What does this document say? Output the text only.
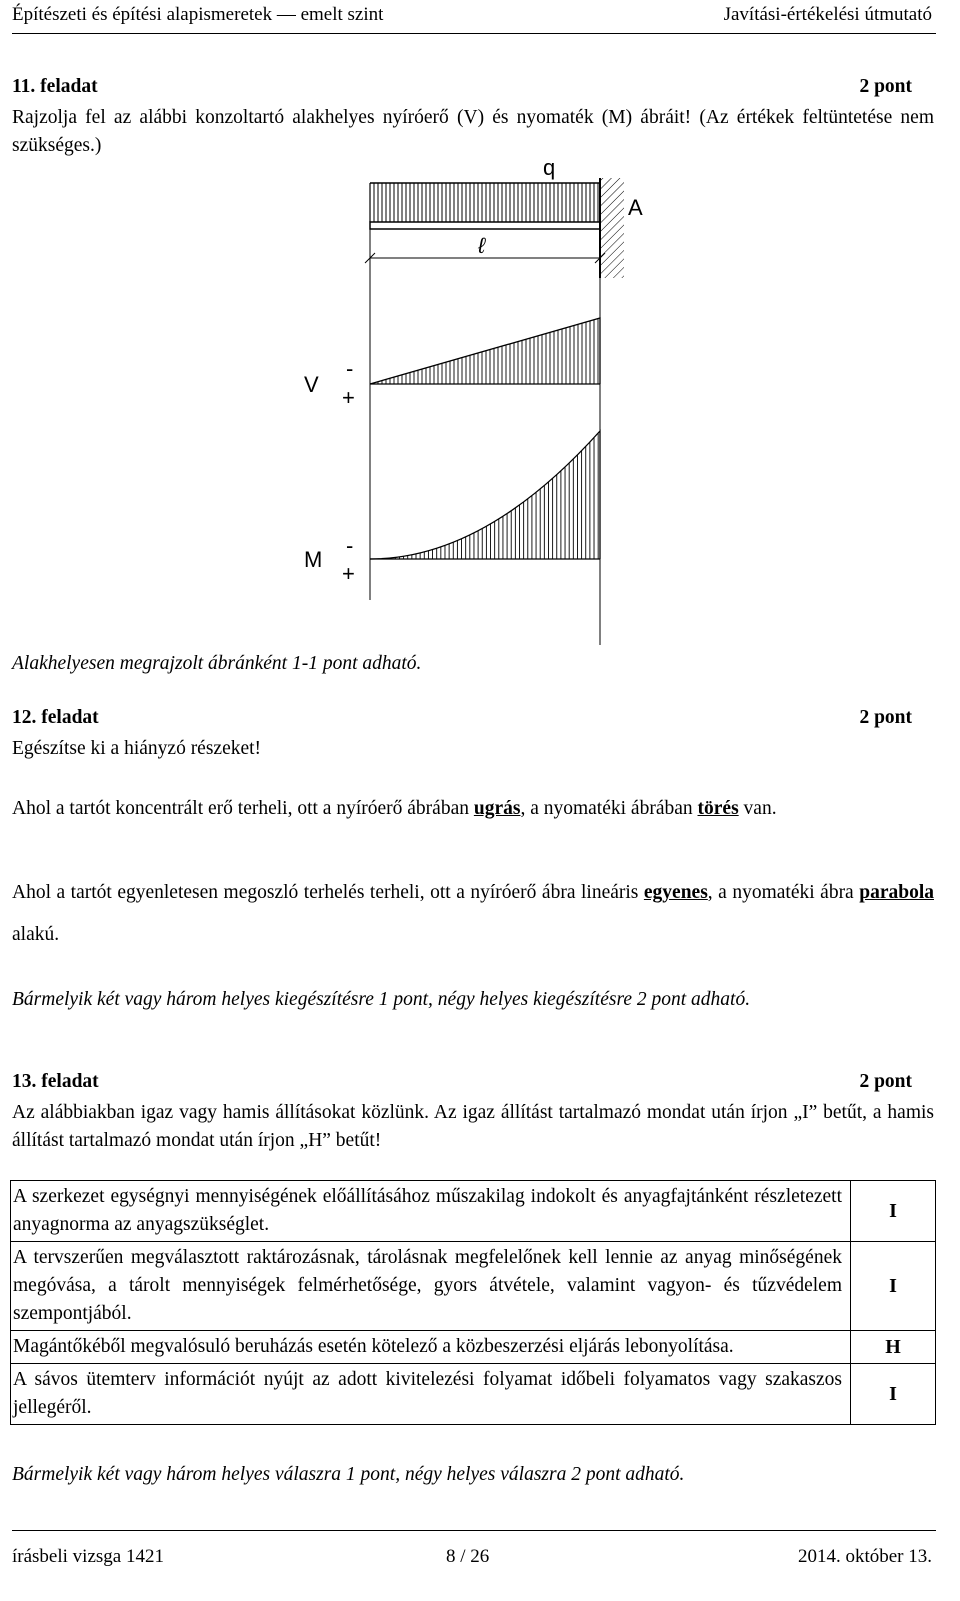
Építészeti és építési alapismeretek — emelt szint	Javítási-értékelési útmutató
11. feladat	2 pont
Rajzolja fel az alábbi konzoltartó alakhelyes nyíróerő (V) és nyomaték (M) ábráit! (Az értékek feltüntetése nem szükséges.)
q
A
ℓ
V
-
+
M
-
+
Alakhelyesen megrajzolt ábránként 1-1 pont adható.
12. feladat	2 pont
Egészítse ki a hiányzó részeket!
Ahol a tartót koncentrált erő terheli, ott a nyíróerő ábrában ugrás, a nyomatéki ábrában törés van.
Ahol a tartót egyenletesen megoszló terhelés terheli, ott a nyíróerő ábra lineáris egyenes, a nyomatéki ábra parabola alakú.
Bármelyik két vagy három helyes kiegészítésre 1 pont, négy helyes kiegészítésre 2 pont adható.
13. feladat	2 pont
Az alábbiakban igaz vagy hamis állításokat közlünk. Az igaz állítást tartalmazó mondat után írjon „I” betűt, a hamis állítást tartalmazó mondat után írjon „H” betűt!
A szerkezet egységnyi mennyiségének előállításához műszakilag indokolt és anyagfajtánként részletezett anyagnorma az anyagszükséglet.	I
A tervszerűen megválasztott raktározásnak, tárolásnak megfelelőnek kell lennie az anyag minőségének megóvása, a tárolt mennyiségek felmérhetősége, gyors átvétele, valamint vagyon- és tűzvédelem szempontjából.	I
Magántőkéből megvalósuló beruházás esetén kötelező a közbeszerzési eljárás lebonyolítása.	H
A sávos ütemterv információt nyújt az adott kivitelezési folyamat időbeli folyamatos vagy szakaszos jellegéről.	I
Bármelyik két vagy három helyes válaszra 1 pont, négy helyes válaszra 2 pont adható.
írásbeli vizsga 1421	8 / 26	2014. október 13.
